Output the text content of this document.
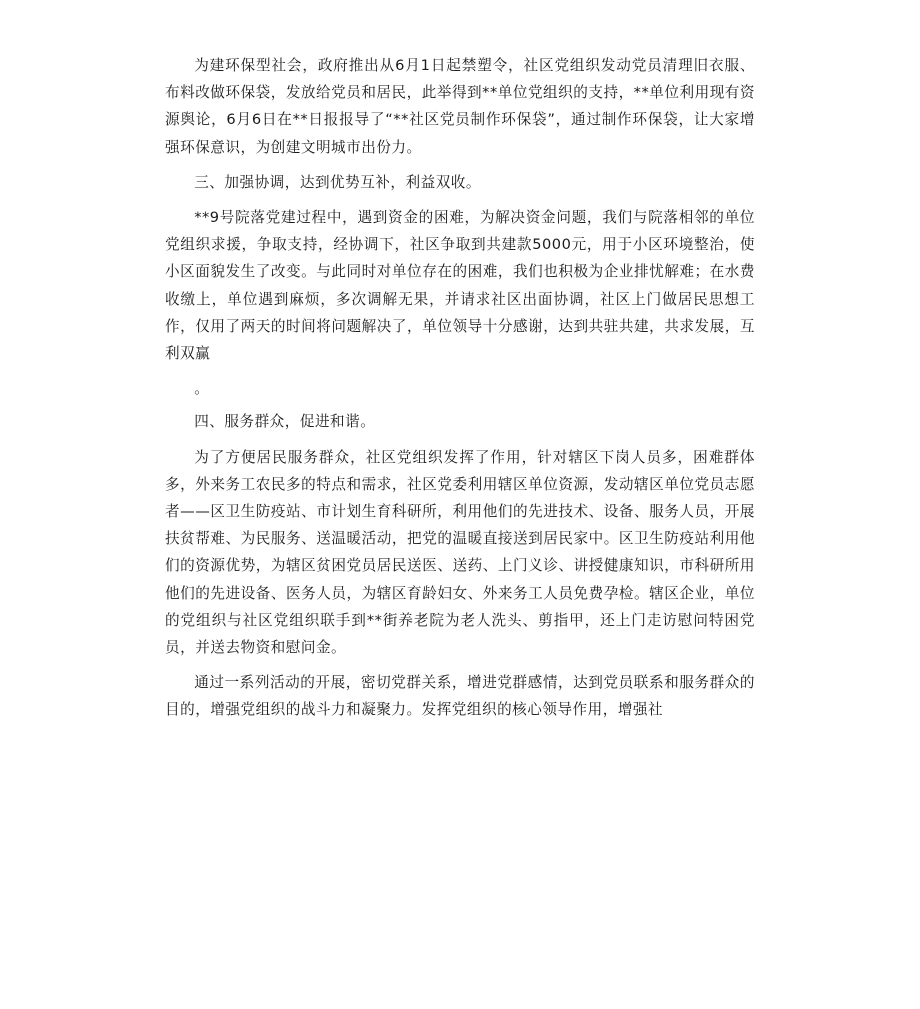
为建环保型社会，政府推出从6月1日起禁塑令，社区党组织发动党员清理旧衣服、布料改做环保袋，发放给党员和居民，此举得到**单位党组织的支持，**单位利用现有资源舆论，6月6日在**日报报导了“**社区党员制作环保袋”，通过制作环保袋，让大家增强环保意识，为创建文明城市出份力。

三、加强协调，达到优势互补，利益双收。

**9号院落党建过程中，遇到资金的困难，为解决资金问题，我们与院落相邻的单位党组织求援，争取支持，经协调下，社区争取到共建款5000元，用于小区环境整治，使小区面貌发生了改变。与此同时对单位存在的困难，我们也积极为企业排忧解难；在水费收缴上，单位遇到麻烦，多次调解无果，并请求社区出面协调，社区上门做居民思想工作，仅用了两天的时间将问题解决了，单位领导十分感谢，达到共驻共建，共求发展，互利双赢

。

四、服务群众，促进和谐。

为了方便居民服务群众，社区党组织发挥了作用，针对辖区下岗人员多，困难群体多，外来务工农民多的特点和需求，社区党委利用辖区单位资源，发动辖区单位党员志愿者——区卫生防疫站、市计划生育科研所，利用他们的先进技术、设备、服务人员，开展扶贫帮难、为民服务、送温暖活动，把党的温暖直接送到居民家中。区卫生防疫站利用他们的资源优势，为辖区贫困党员居民送医、送药、上门义诊、讲授健康知识，市科研所用他们的先进设备、医务人员，为辖区育龄妇女、外来务工人员免费孕检。辖区企业，单位的党组织与社区党组织联手到**街养老院为老人洗头、剪指甲，还上门走访慰问特困党员，并送去物资和慰问金。

通过一系列活动的开展，密切党群关系，增进党群感情，达到党员联系和服务群众的目的，增强党组织的战斗力和凝聚力。发挥党组织的核心领导作用，增强社
